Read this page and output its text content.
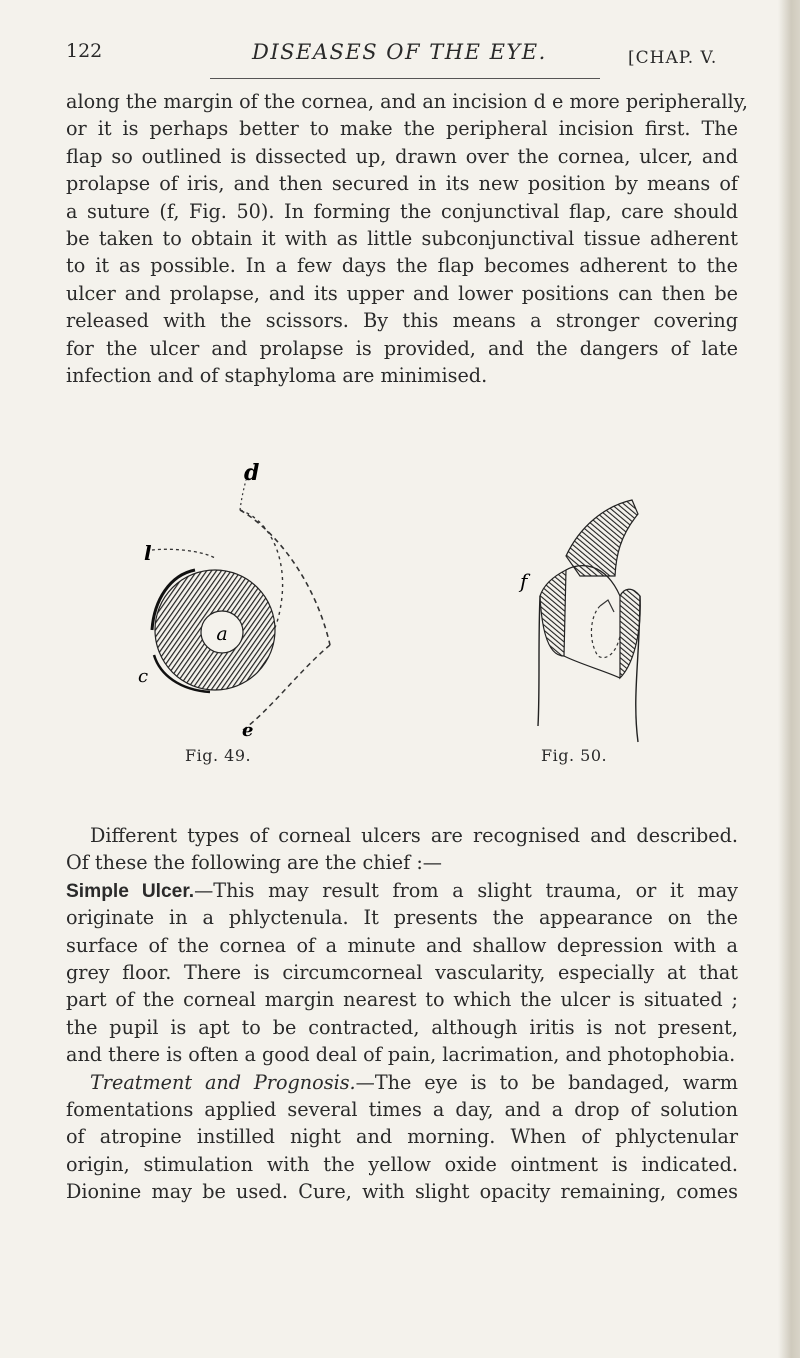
122	DISEASES OF THE EYE.	[CHAP. V.
along the margin of the cornea, and an incision d e more peripherally,
or it is perhaps better to make the peripheral incision first. The
flap so outlined is dissected up, drawn over the cornea, ulcer, and
prolapse of iris, and then secured in its new position by means of
a suture (f, Fig. 50). In forming the conjunctival flap, care should
be taken to obtain it with as little subconjunctival tissue adherent
to it as possible. In a few days the flap becomes adherent to the
ulcer and prolapse, and its upper and lower positions can then be
released with the scissors. By this means a stronger covering
for the ulcer and prolapse is provided, and the dangers of late
infection and of staphyloma are minimised.
d
l
a
c
e
Fig. 49.
f
Fig. 50.
Different types of corneal ulcers are recognised and described.
Of these the following are the chief :—
Simple Ulcer.—This may result from a slight trauma, or it may
originate in a phlyctenula. It presents the appearance on the
surface of the cornea of a minute and shallow depression with a
grey floor. There is circumcorneal vascularity, especially at that
part of the corneal margin nearest to which the ulcer is situated ;
the pupil is apt to be contracted, although iritis is not present,
and there is often a good deal of pain, lacrimation, and photophobia.
Treatment and Prognosis.—The eye is to be bandaged, warm
fomentations applied several times a day, and a drop of solution
of atropine instilled night and morning. When of phlyctenular
origin, stimulation with the yellow oxide ointment is indicated.
Dionine may be used. Cure, with slight opacity remaining, comes
